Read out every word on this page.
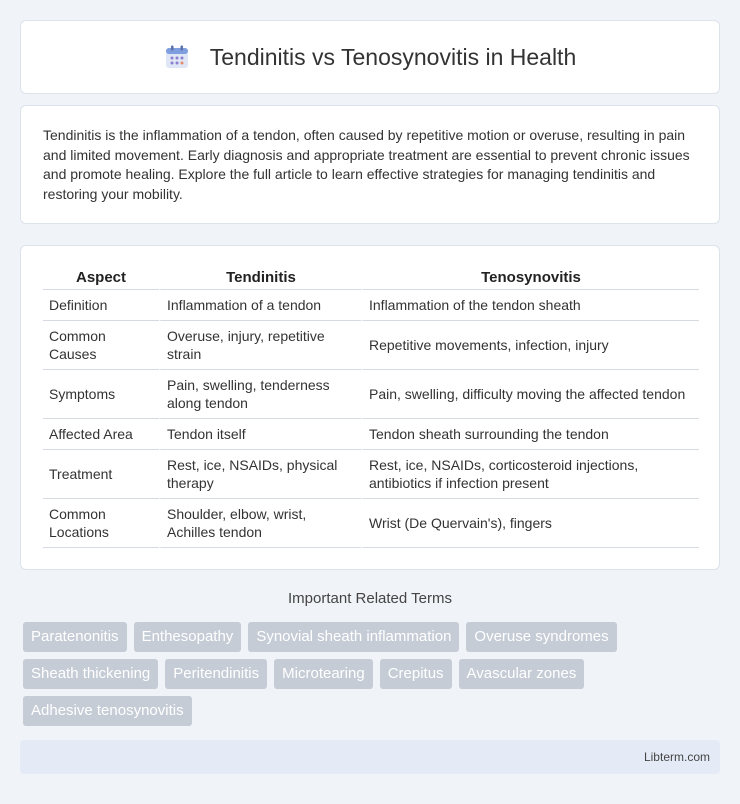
Tendinitis vs Tenosynovitis in Health

Tendinitis is the inflammation of a tendon, often caused by repetitive motion or overuse, resulting in pain and limited movement. Early diagnosis and appropriate treatment are essential to prevent chronic issues and promote healing. Explore the full article to learn effective strategies for managing tendinitis and restoring your mobility.

Aspect	Tendinitis	Tenosynovitis
Definition	Inflammation of a tendon	Inflammation of the tendon sheath
Common Causes	Overuse, injury, repetitive strain	Repetitive movements, infection, injury
Symptoms	Pain, swelling, tenderness along tendon	Pain, swelling, difficulty moving the affected tendon
Affected Area	Tendon itself	Tendon sheath surrounding the tendon
Treatment	Rest, ice, NSAIDs, physical therapy	Rest, ice, NSAIDs, corticosteroid injections, antibiotics if infection present
Common Locations	Shoulder, elbow, wrist, Achilles tendon	Wrist (De Quervain's), fingers
Important Related Terms
Paratenonitis	Enthesopathy	Synovial sheath inflammation	Overuse syndromes
Sheath thickening	Peritendinitis	Microtearing	Crepitus	Avascular zones
Adhesive tenosynovitis
Libterm.com
